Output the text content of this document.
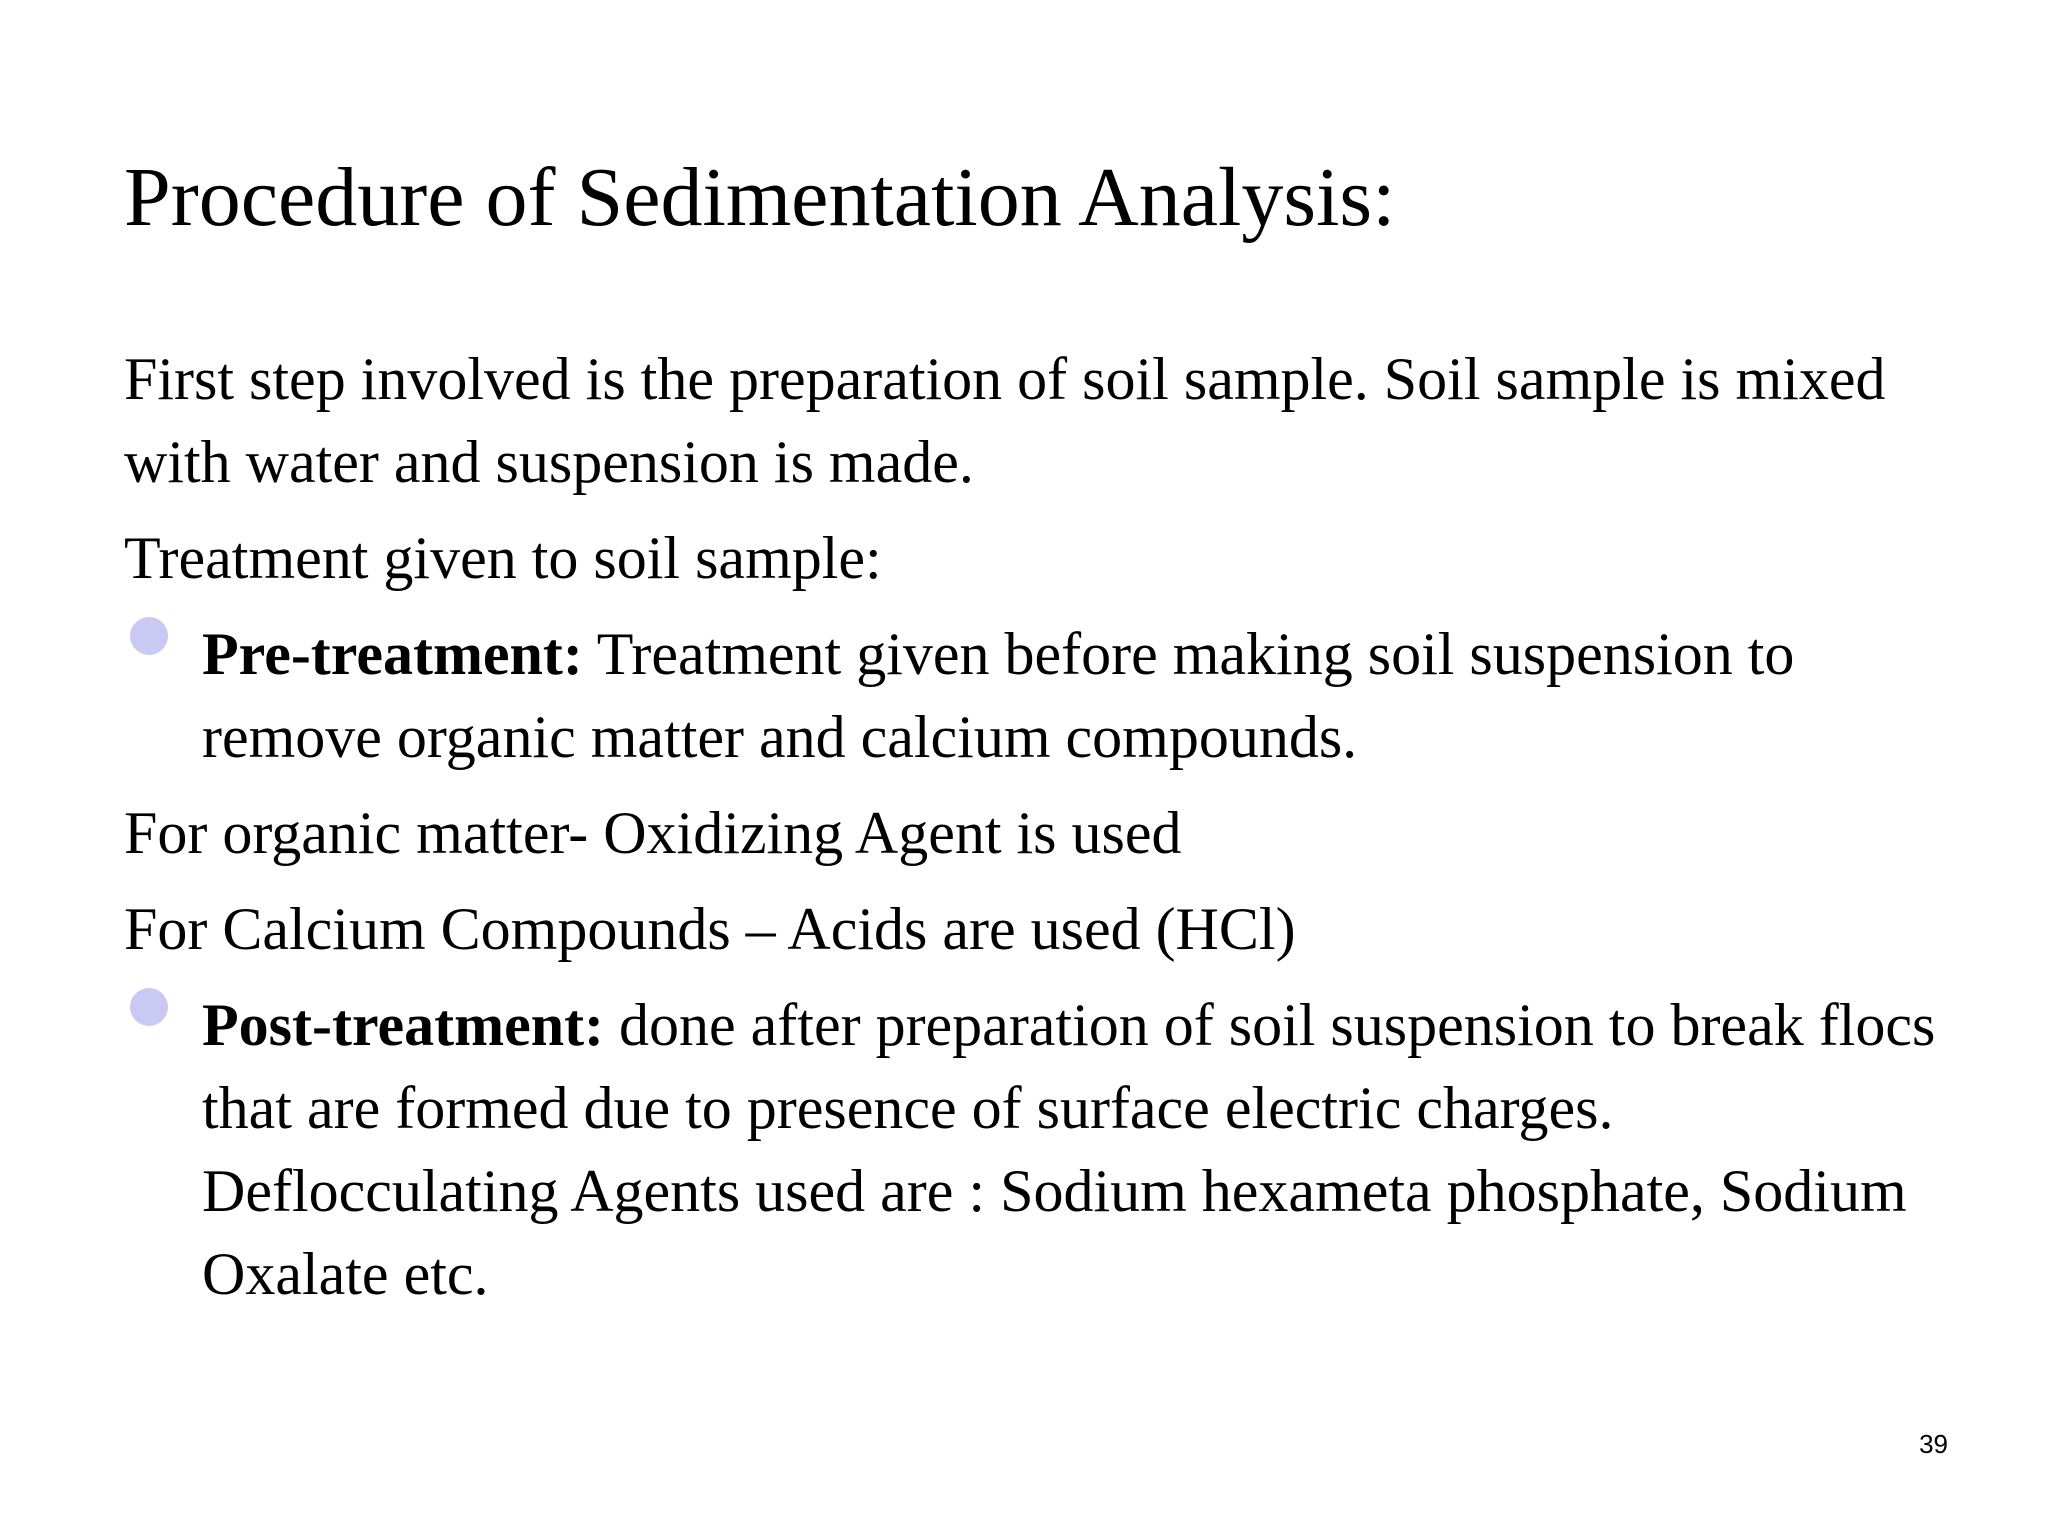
Procedure of Sedimentation Analysis:

First step involved is the preparation of soil sample. Soil sample is mixed with water and suspension is made.

Treatment given to soil sample:

Pre-treatment: Treatment given before making soil suspension to remove organic matter and calcium compounds.

For organic matter- Oxidizing Agent is used

For Calcium Compounds – Acids are used (HCl)

Post-treatment: done after preparation of soil suspension to break flocs that are formed due to presence of surface electric charges. Deflocculating Agents used are : Sodium hexameta phosphate, Sodium Oxalate etc.
39
